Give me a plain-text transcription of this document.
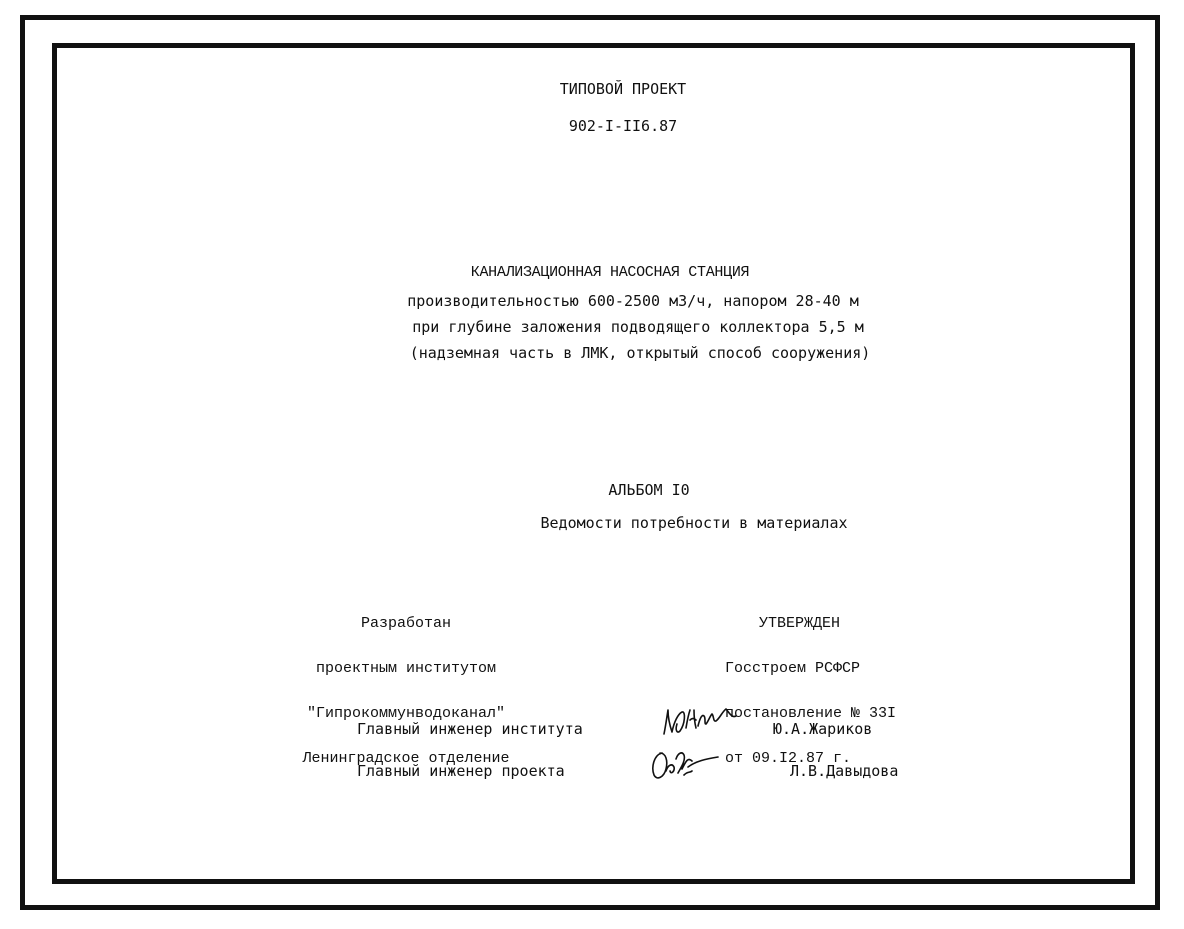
ТИПОВОЙ ПРОЕКТ
902-I-II6.87
КАНАЛИЗАЦИОННАЯ НАСОСНАЯ СТАНЦИЯ
производительностью 600-2500 м3/ч, напором 28-40 м
при глубине заложения подводящего коллектора 5,5 м
(надземная часть в ЛМК, открытый способ сооружения)
АЛЬБОМ I0
Ведомости потребности в материалах

Разработан

проектным институтом

"Гипрокоммунводоканал"

Ленинградское отделение

УТВЕРЖДЕН

Госстроем РСФСР

постановление № 33I

от 09.I2.87 г.

Главный инженер института	Ю.А.Жариков
Главный инженер проекта	Л.В.Давыдова
